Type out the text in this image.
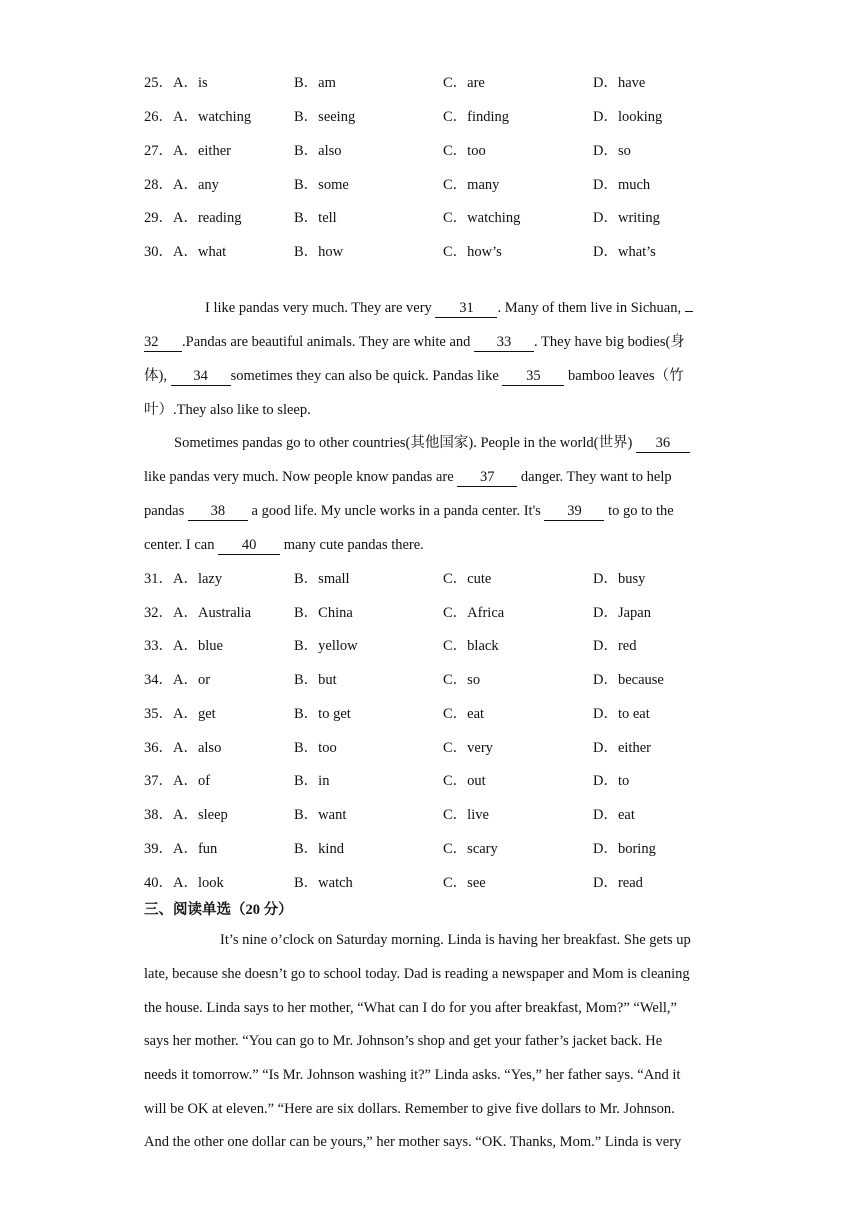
25．A．is	B．am	C．are	D．have
26．A．watching	B．seeing	C．finding	D．looking
27．A．either	B．also	C．too	D．so
28．A．any	B．some	C．many	D．much
29．A．reading	B．tell	C．watching	D．writing
30．A．what	B．how	C．how’s	D．what’s
I like pandas very much. They are very 31 . Many of them live in Sichuan,
32 .Pandas are beautiful animals. They are white and 33 . They have big bodies(身
体), 34 sometimes they can also be quick. Pandas like 35 bamboo leaves（竹
叶）.They also like to sleep.
Sometimes pandas go to other countries(其他国家). People in the world(世界) 36
like pandas very much. Now people know pandas are 37 danger. They want to help
pandas 38 a good life. My uncle works in a panda center. It's 39 to go to the
center. I can 40 many cute pandas there.
31．A．lazy	B．small	C．cute	D．busy
32．A．Australia	B．China	C．Africa	D．Japan
33．A．blue	B．yellow	C．black	D．red
34．A．or	B．but	C．so	D．because
35．A．get	B．to get	C．eat	D．to eat
36．A．also	B．too	C．very	D．either
37．A．of	B．in	C．out	D．to
38．A．sleep	B．want	C．live	D．eat
39．A．fun	B．kind	C．scary	D．boring
40．A．look	B．watch	C．see	D．read
三、阅读单选（20 分）
It’s nine o’clock on Saturday morning. Linda is having her breakfast. She gets up
late, because she doesn’t go to school today. Dad is reading a newspaper and Mom is cleaning
the house. Linda says to her mother, “What can I do for you after breakfast, Mom?” “Well,”
says her mother. “You can go to Mr. Johnson’s shop and get your father’s jacket back. He
needs it tomorrow.” “Is Mr. Johnson washing it?” Linda asks. “Yes,” her father says. “And it
will be OK at eleven.” “Here are six dollars. Remember to give five dollars to Mr. Johnson.
And the other one dollar can be yours,” her mother says. “OK. Thanks, Mom.” Linda is very
